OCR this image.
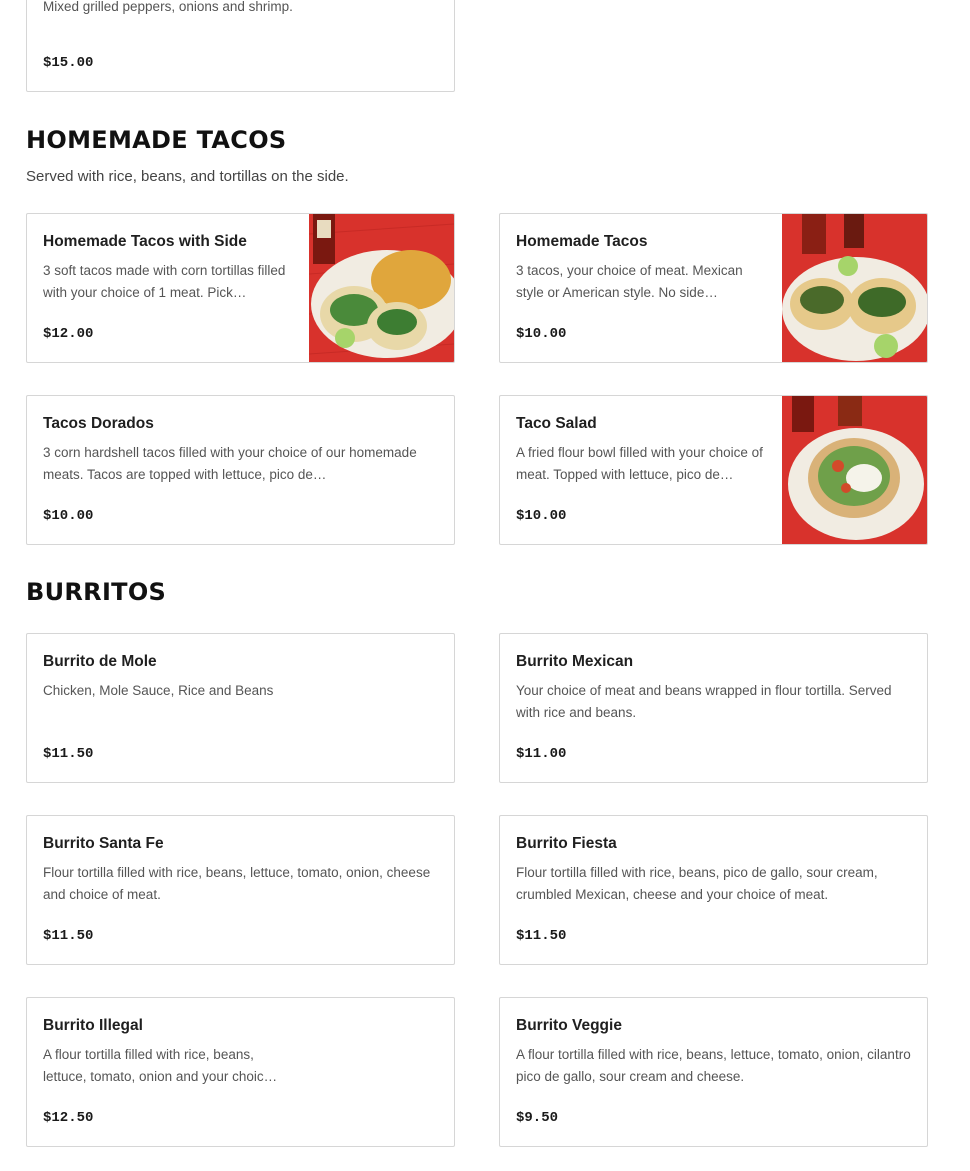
Mixed grilled peppers, onions and shrimp.
$15.00
HOMEMADE TACOS
Served with rice, beans, and tortillas on the side.
Homemade Tacos with Side
3 soft tacos made with corn tortillas filled with your choice of 1 meat. Pick…
$12.00
Homemade Tacos
3 tacos, your choice of meat. Mexican style or American style. No side…
$10.00
Tacos Dorados
3 corn hardshell tacos filled with your choice of our homemade meats. Tacos are topped with lettuce, pico de…
$10.00
Taco Salad
A fried flour bowl filled with your choice of meat. Topped with lettuce, pico de…
$10.00
BURRITOS
Burrito de Mole
Chicken, Mole Sauce, Rice and Beans
$11.50
Burrito Mexican
Your choice of meat and beans wrapped in flour tortilla. Served with rice and beans.
$11.00
Burrito Santa Fe
Flour tortilla filled with rice, beans, lettuce, tomato, onion, cheese and choice of meat.
$11.50
Burrito Fiesta
Flour tortilla filled with rice, beans, pico de gallo, sour cream, crumbled Mexican, cheese and your choice of meat.
$11.50
Burrito Illegal
A flour tortilla filled with rice, beans, lettuce, tomato, onion and your choic…
$12.50
Burrito Veggie
A flour tortilla filled with rice, beans, lettuce, tomato, onion, cilantro pico de gallo, sour cream and cheese.
$9.50
